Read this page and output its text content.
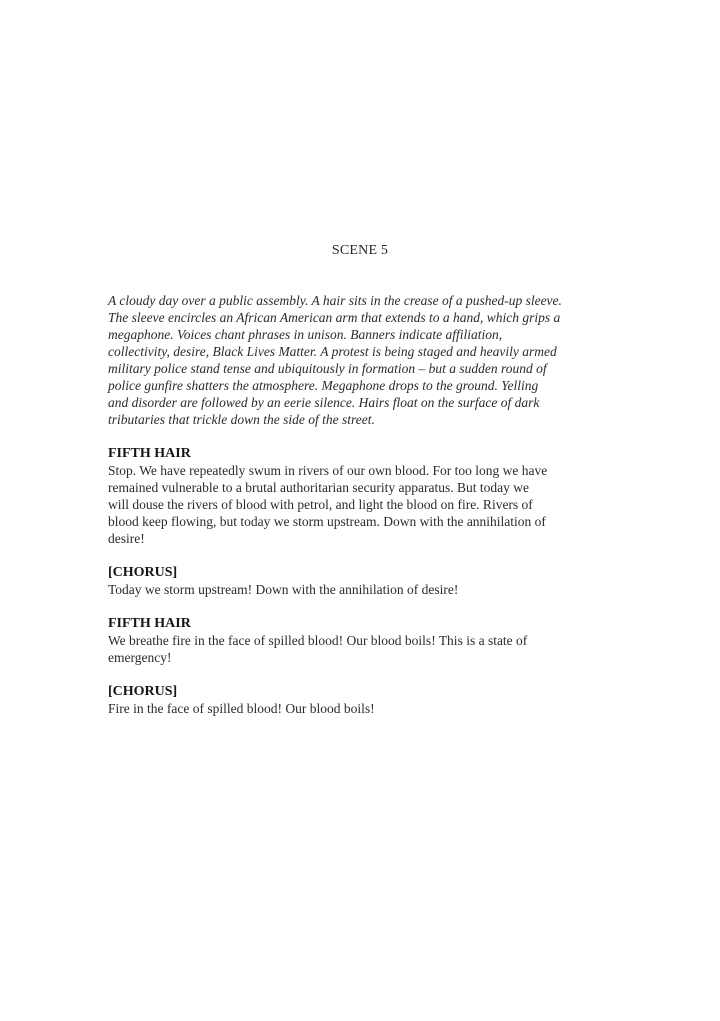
SCENE 5
A cloudy day over a public assembly. A hair sits in the crease of a pushed-up sleeve.
The sleeve encircles an African American arm that extends to a hand, which grips a
megaphone. Voices chant phrases in unison. Banners indicate affiliation,
collectivity, desire, Black Lives Matter. A protest is being staged and heavily armed
military police stand tense and ubiquitously in formation – but a sudden round of
police gunfire shatters the atmosphere. Megaphone drops to the ground. Yelling
and disorder are followed by an eerie silence. Hairs float on the surface of dark
tributaries that trickle down the side of the street.
FIFTH HAIR
Stop. We have repeatedly swum in rivers of our own blood. For too long we have
remained vulnerable to a brutal authoritarian security apparatus. But today we
will douse the rivers of blood with petrol, and light the blood on fire. Rivers of
blood keep flowing, but today we storm upstream. Down with the annihilation of
desire!
[CHORUS]
Today we storm upstream! Down with the annihilation of desire!
FIFTH HAIR
We breathe fire in the face of spilled blood! Our blood boils! This is a state of
emergency!
[CHORUS]
Fire in the face of spilled blood! Our blood boils!
